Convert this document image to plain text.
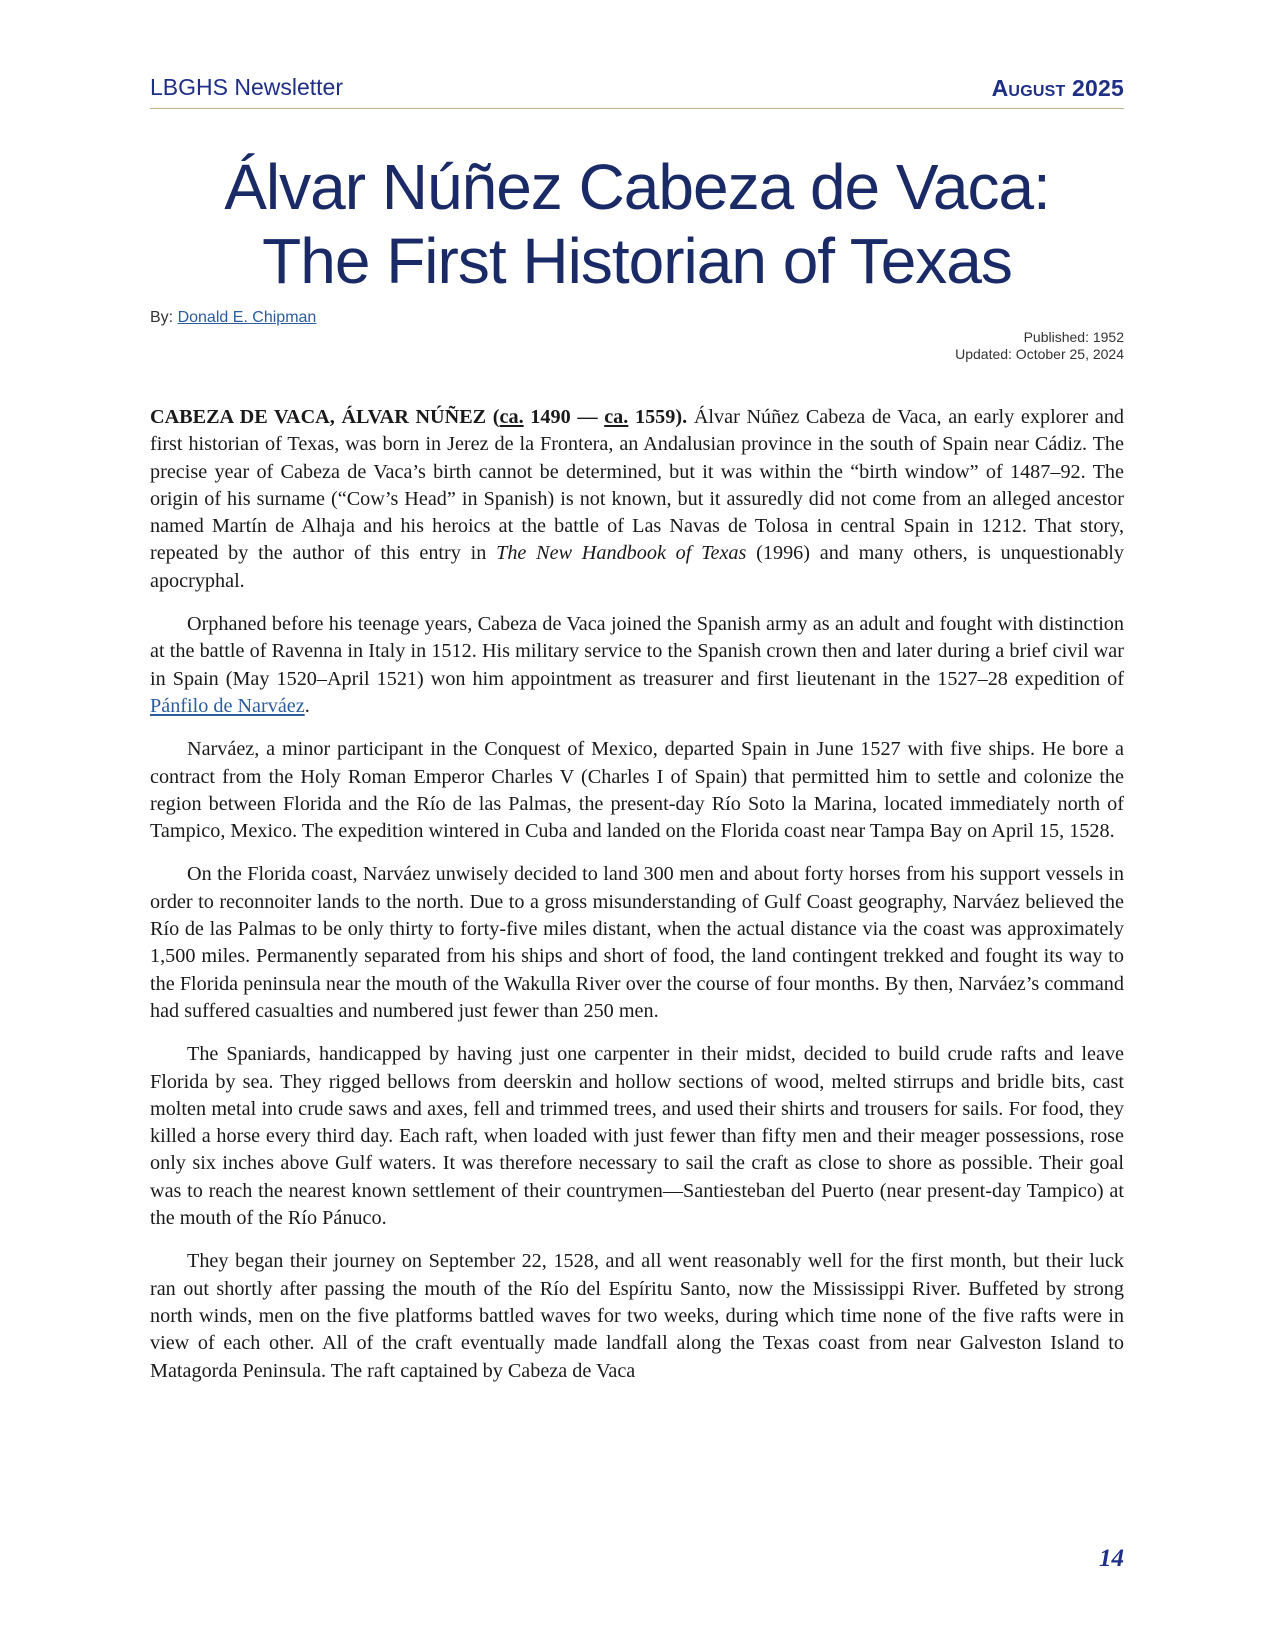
LBGHS Newsletter	August 2025
Álvar Núñez Cabeza de Vaca:
The First Historian of Texas
By: Donald E. Chipman
Published: 1952
Updated: October 25, 2024

CABEZA DE VACA, ÁLVAR NÚÑEZ (ca. 1490 — ca. 1559). Álvar Núñez Cabeza de Vaca, an early explorer and first historian of Texas, was born in Jerez de la Frontera, an Andalusian province in the south of Spain near Cádiz. The precise year of Cabeza de Vaca’s birth cannot be determined, but it was within the “birth window” of 1487–92. The origin of his surname (“Cow’s Head” in Spanish) is not known, but it assuredly did not come from an alleged ancestor named Martín de Alhaja and his heroics at the battle of Las Navas de Tolosa in central Spain in 1212. That story, repeated by the author of this entry in The New Handbook of Texas (1996) and many others, is unquestionably apocryphal.

Orphaned before his teenage years, Cabeza de Vaca joined the Spanish army as an adult and fought with distinction at the battle of Ravenna in Italy in 1512. His military service to the Spanish crown then and later during a brief civil war in Spain (May 1520–April 1521) won him appointment as treasurer and first lieutenant in the 1527–28 expedition of Pánfilo de Narváez.

Narváez, a minor participant in the Conquest of Mexico, departed Spain in June 1527 with five ships. He bore a contract from the Holy Roman Emperor Charles V (Charles I of Spain) that permitted him to settle and colonize the region between Florida and the Río de las Palmas, the present-day Río Soto la Marina, located immediately north of Tampico, Mexico. The expedition wintered in Cuba and landed on the Florida coast near Tampa Bay on April 15, 1528.

On the Florida coast, Narváez unwisely decided to land 300 men and about forty horses from his support vessels in order to reconnoiter lands to the north. Due to a gross misunderstanding of Gulf Coast geography, Narváez believed the Río de las Palmas to be only thirty to forty-five miles distant, when the actual distance via the coast was approximately 1,500 miles. Permanently separated from his ships and short of food, the land contingent trekked and fought its way to the Florida peninsula near the mouth of the Wakulla River over the course of four months. By then, Narváez’s command had suffered casualties and numbered just fewer than 250 men.

The Spaniards, handicapped by having just one carpenter in their midst, decided to build crude rafts and leave Florida by sea. They rigged bellows from deerskin and hollow sections of wood, melted stirrups and bridle bits, cast molten metal into crude saws and axes, fell and trimmed trees, and used their shirts and trousers for sails. For food, they killed a horse every third day. Each raft, when loaded with just fewer than fifty men and their meager possessions, rose only six inches above Gulf waters. It was therefore necessary to sail the craft as close to shore as possible. Their goal was to reach the nearest known settlement of their countrymen—Santiesteban del Puerto (near present-day Tampico) at the mouth of the Río Pánuco.

They began their journey on September 22, 1528, and all went reasonably well for the first month, but their luck ran out shortly after passing the mouth of the Río del Espíritu Santo, now the Mississippi River. Buffeted by strong north winds, men on the five platforms battled waves for two weeks, during which time none of the five rafts were in view of each other. All of the craft eventually made landfall along the Texas coast from near Galveston Island to Matagorda Peninsula. The raft captained by Cabeza de Vaca

14
